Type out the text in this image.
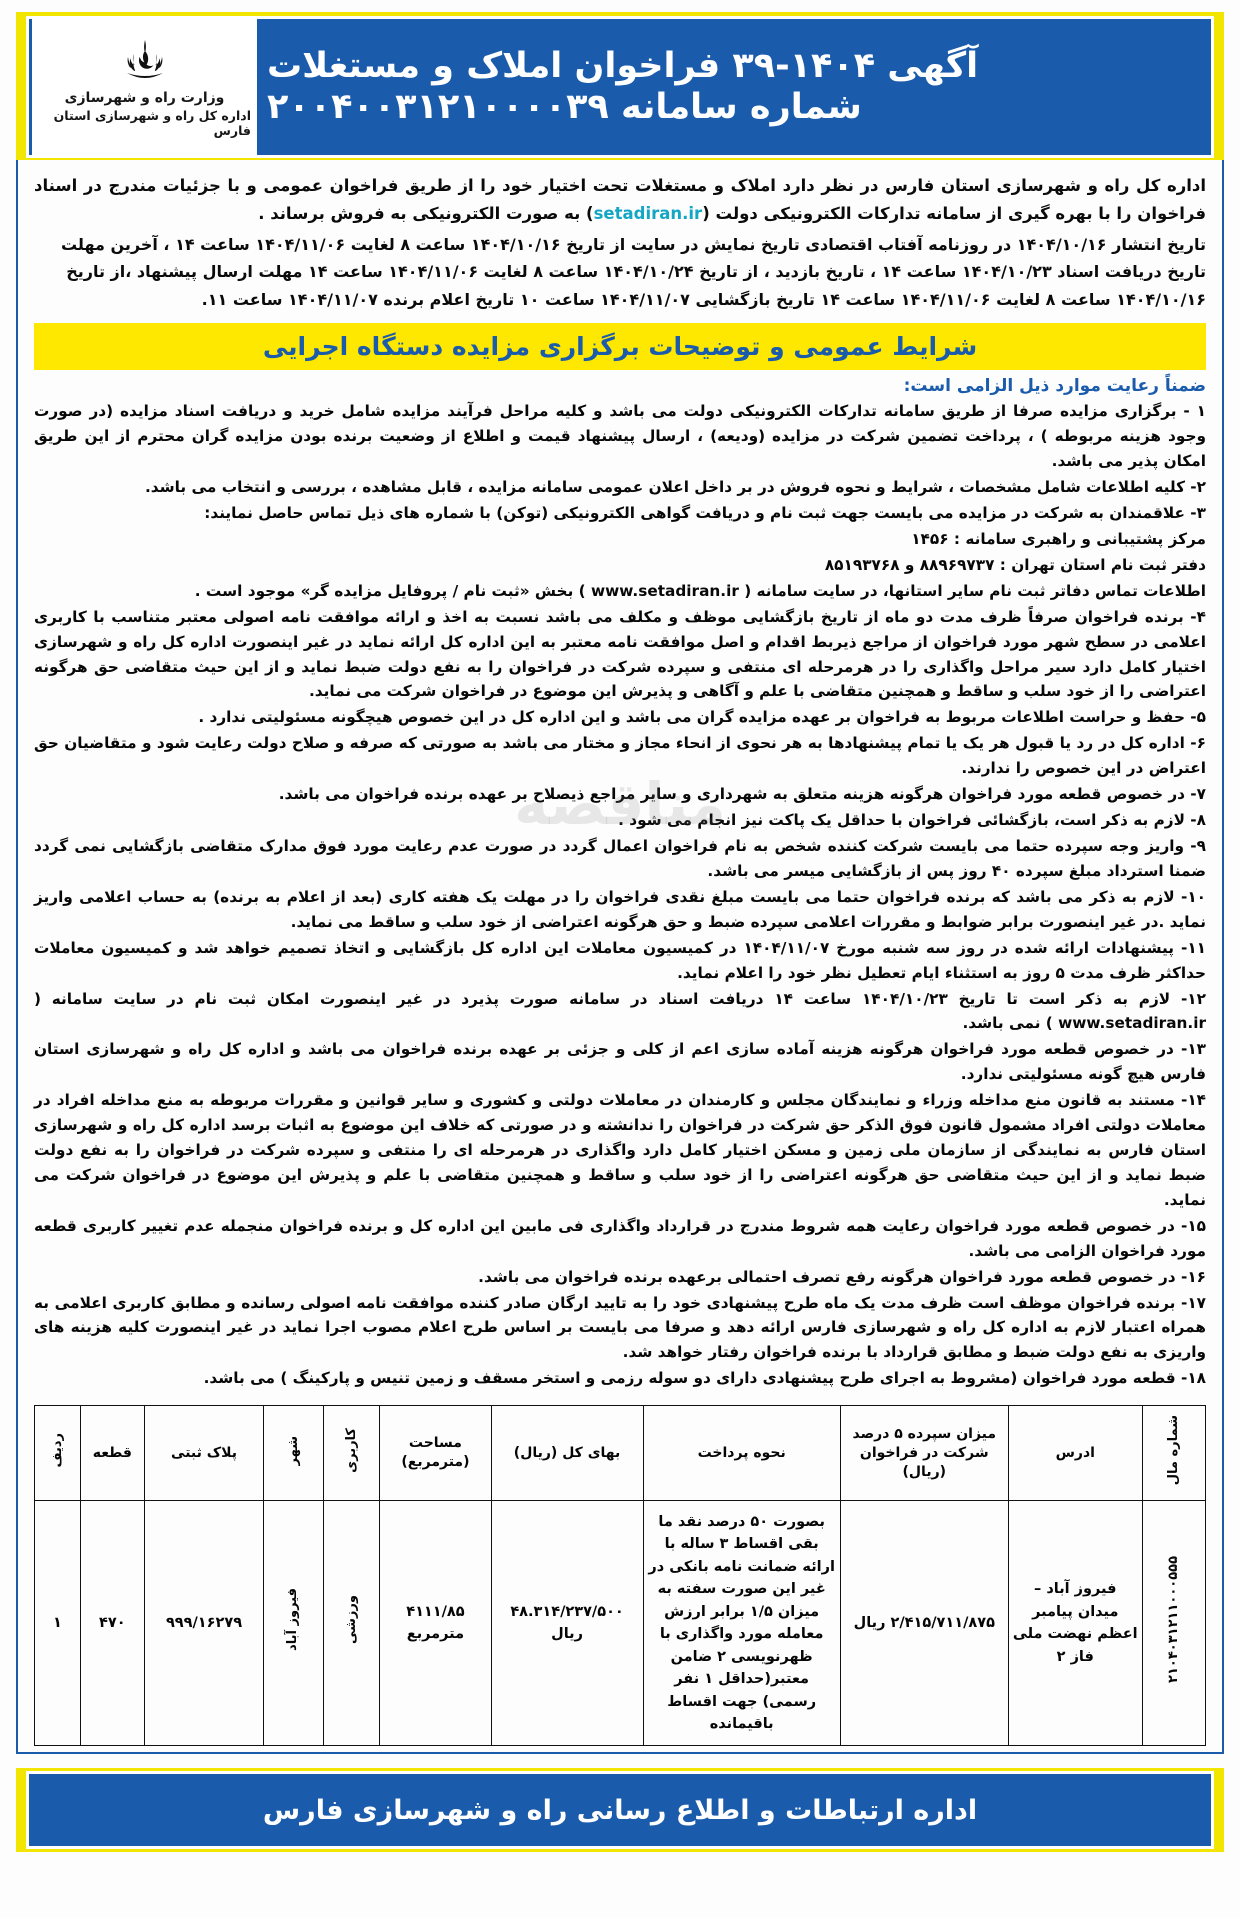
وزارت راه و شهرسازی
اداره کل راه و شهرسازی استان فارس
آگهی ۱۴۰۴-۳۹ فراخوان املاک و مستغلات
شماره سامانه ۲۰۰۴۰۰۳۱۲۱۰۰۰۰۳۹
اداره کل راه و شهرسازی استان فارس در نظر دارد املاک و مستغلات تحت اختیار خود را از طریق فراخوان عمومی و با جزئیات مندرج در اسناد فراخوان را با بهره گیری از سامانه تدارکات الکترونیکی دولت (setadiran.ir) به صورت الکترونیکی به فروش برساند .
تاریخ انتشار ۱۴۰۴/۱۰/۱۶ در روزنامه آفتاب اقتصادی تاریخ نمایش در سایت از تاریخ ۱۴۰۴/۱۰/۱۶ ساعت ۸ لغایت ۱۴۰۴/۱۱/۰۶ ساعت ۱۴ ، آخرین مهلت
تاریخ دریافت اسناد ۱۴۰۴/۱۰/۲۳ ساعت ۱۴ ، تاریخ بازدید ، از تاریخ ۱۴۰۴/۱۰/۲۴ ساعت ۸ لغایت ۱۴۰۴/۱۱/۰۶ ساعت ۱۴ مهلت ارسال پیشنهاد ،از تاریخ
۱۴۰۴/۱۰/۱۶ ساعت ۸ لغایت ۱۴۰۴/۱۱/۰۶ ساعت ۱۴ تاریخ بازگشایی ۱۴۰۴/۱۱/۰۷ ساعت ۱۰ تاریخ اعلام برنده ۱۴۰۴/۱۱/۰۷ ساعت ۱۱.
شرایط عمومی و توضیحات برگزاری مزایده دستگاه اجرایی
ضمناً رعایت موارد ذیل الزامی است:
۱ - برگزاری مزایده صرفا از طریق سامانه تدارکات الکترونیکی دولت می باشد و کلیه مراحل فرآیند مزایده شامل خرید و دریافت اسناد مزایده (در صورت وجود هزینه مربوطه ) ، پرداخت تضمین شرکت در مزایده (ودیعه) ، ارسال پیشنهاد قیمت و اطلاع از وضعیت برنده بودن مزایده گران محترم از این طریق امکان پذیر می باشد.
۲- کلیه اطلاعات شامل مشخصات ، شرایط و نحوه فروش در بر داخل اعلان عمومی سامانه مزایده ، قابل مشاهده ، بررسی و انتخاب می باشد.
۳- علاقمندان به شرکت در مزایده می بایست جهت ثبت نام و دریافت گواهی الکترونیکی (توکن) با شماره های ذیل تماس حاصل نمایند:
مرکز پشتیبانی و راهبری سامانه : ۱۴۵۶
دفتر ثبت نام استان تهران : ۸۸۹۶۹۷۳۷ و ۸۵۱۹۳۷۶۸
اطلاعات تماس دفاتر ثبت نام سایر استانها، در سایت سامانه ( www.setadiran.ir ) بخش «ثبت نام / پروفایل مزایده گر» موجود است .
۴- برنده فراخوان صرفاً ظرف مدت دو ماه از تاریخ بازگشایی موظف و مکلف می باشد نسبت به اخذ و ارائه موافقت نامه اصولی معتبر متناسب با کاربری اعلامی در سطح شهر مورد فراخوان از مراجع ذیربط اقدام و اصل موافقت نامه معتبر به این اداره کل ارائه نماید در غیر اینصورت اداره کل راه و شهرسازی اختیار کامل دارد سیر مراحل واگذاری را در هرمرحله ای منتفی و سپرده شرکت در فراخوان را به نفع دولت ضبط نماید و از این حیث متقاضی حق هرگونه اعتراضی را از خود سلب و ساقط و همچنین متقاضی با علم و آگاهی و پذیرش این موضوع در فراخوان شرکت می نماید.
۵- حفظ و حراست اطلاعات مربوط به فراخوان بر عهده مزایده گران می باشد و این اداره کل در این خصوص هیچگونه مسئولیتی ندارد .
۶- اداره کل در رد یا قبول هر یک یا تمام پیشنهادها به هر نحوی از انحاء مجاز و مختار می باشد به صورتی که صرفه و صلاح دولت رعایت شود و متقاضیان حق اعتراض در این خصوص را ندارند.
۷- در خصوص قطعه مورد فراخوان هرگونه هزینه متعلق به شهرداری و سایر مراجع ذیصلاح بر عهده برنده فراخوان می باشد.
۸- لازم به ذکر است، بازگشائی فراخوان با حداقل یک پاکت نیز انجام می شود .
۹- واریز وجه سپرده حتما می بایست شرکت کننده شخص به نام فراخوان اعمال گردد در صورت عدم رعایت مورد فوق مدارک متقاضی بازگشایی نمی گردد ضمنا استرداد مبلغ سپرده ۴۰ روز پس از بازگشایی میسر می باشد.
۱۰- لازم به ذکر می باشد که برنده فراخوان حتما می بایست مبلغ نقدی فراخوان را در مهلت یک هفته کاری (بعد از اعلام به برنده) به حساب اعلامی واریز نماید .در غیر اینصورت برابر ضوابط و مقررات اعلامی سپرده ضبط و حق هرگونه اعتراضی از خود سلب و ساقط می نماید.
۱۱- پیشنهادات ارائه شده در روز سه شنبه مورخ ۱۴۰۴/۱۱/۰۷ در کمیسیون معاملات این اداره کل بازگشایی و اتخاذ تصمیم خواهد شد و کمیسیون معاملات حداکثر ظرف مدت ۵ روز به استثناء ایام تعطیل نظر خود را اعلام نماید.
۱۲- لازم به ذکر است تا تاریخ ۱۴۰۴/۱۰/۲۳ ساعت ۱۴ دریافت اسناد در سامانه صورت پذیرد در غیر اینصورت امکان ثبت نام در سایت سامانه ( www.setadiran.ir ) نمی باشد.
۱۳- در خصوص قطعه مورد فراخوان هرگونه هزینه آماده سازی اعم از کلی و جزئی بر عهده برنده فراخوان می باشد و اداره کل راه و شهرسازی استان فارس هیچ گونه مسئولیتی ندارد.
۱۴- مستند به قانون منع مداخله وزراء و نمایندگان مجلس و کارمندان در معاملات دولتی و کشوری و سایر قوانین و مقررات مربوطه به منع مداخله افراد در معاملات دولتی افراد مشمول قانون فوق الذکر حق شرکت در فراخوان را ندانشته و در صورتی که خلاف این موضوع به اثبات برسد اداره کل راه و شهرسازی استان فارس به نمایندگی از سازمان ملی زمین و مسکن اختیار کامل دارد واگذاری در هرمرحله ای را منتفی و سپرده شرکت در فراخوان را به نفع دولت ضبط نماید و از این حیث متقاضی حق هرگونه اعتراضی را از خود سلب و ساقط و همچنین متقاضی با علم و پذیرش این موضوع در فراخوان شرکت می نماید.
۱۵- در خصوص قطعه مورد فراخوان رعایت همه شروط مندرج در قرارداد واگذاری فی مابین این اداره کل و برنده فراخوان منجمله عدم تغییر کاربری قطعه مورد فراخوان الزامی می باشد.
۱۶- در خصوص قطعه مورد فراخوان هرگونه رفع تصرف احتمالی برعهده برنده فراخوان می باشد.
۱۷- برنده فراخوان موظف است ظرف مدت یک ماه طرح پیشنهادی خود را به تایید ارگان صادر کننده موافقت نامه اصولی رسانده و مطابق کاربری اعلامی به همراه اعتبار لازم به اداره کل راه و شهرسازی فارس ارائه دهد و صرفا می بایست بر اساس طرح اعلام مصوب اجرا نماید در غیر اینصورت کلیه هزینه های واریزی به نفع دولت ضبط و مطابق قرارداد با برنده فراخوان رفتار خواهد شد.
۱۸- قطعه مورد فراخوان (مشروط به اجرای طرح پیشنهادی دارای دو سوله رزمی و استخر مسقف و زمین تنیس و پارکینگ ) می باشد.
شماره مال	ادرس	میزان سپرده ۵ درصد شرکت در فراخوان (ریال)	نحوه پرداخت	بهای کل (ریال)	مساحت (مترمربع)	کاربری	شهر	پلاک ثبتی	قطعه	ردیف
۲۱۰۴۰۳۱۲۱۱۰۰۰۵۵۵	فیروز آباد – میدان پیامبر اعظم نهضت ملی فاز ۲	۲/۴۱۵/۷۱۱/۸۷۵ ریال	بصورت ۵۰ درصد نقد ما بقی اقساط ۳ ساله با ارائه ضمانت نامه بانکی در غیر این صورت سفته به میزان ۱/۵ برابر ارزش معامله مورد واگذاری با ظهرنویسی ۲ ضامن معتبر(حداقل ۱ نفر رسمی) جهت اقساط باقیمانده	۴۸.۳۱۴/۲۳۷/۵۰۰ ریال	۴۱۱۱/۸۵ مترمربع	ورزشی	فیروز آباد	۹۹۹/۱۶۲۷۹	۴۷۰	۱
اداره ارتباطات و اطلاع رسانی راه و شهرسازی فارس
مناقصه
